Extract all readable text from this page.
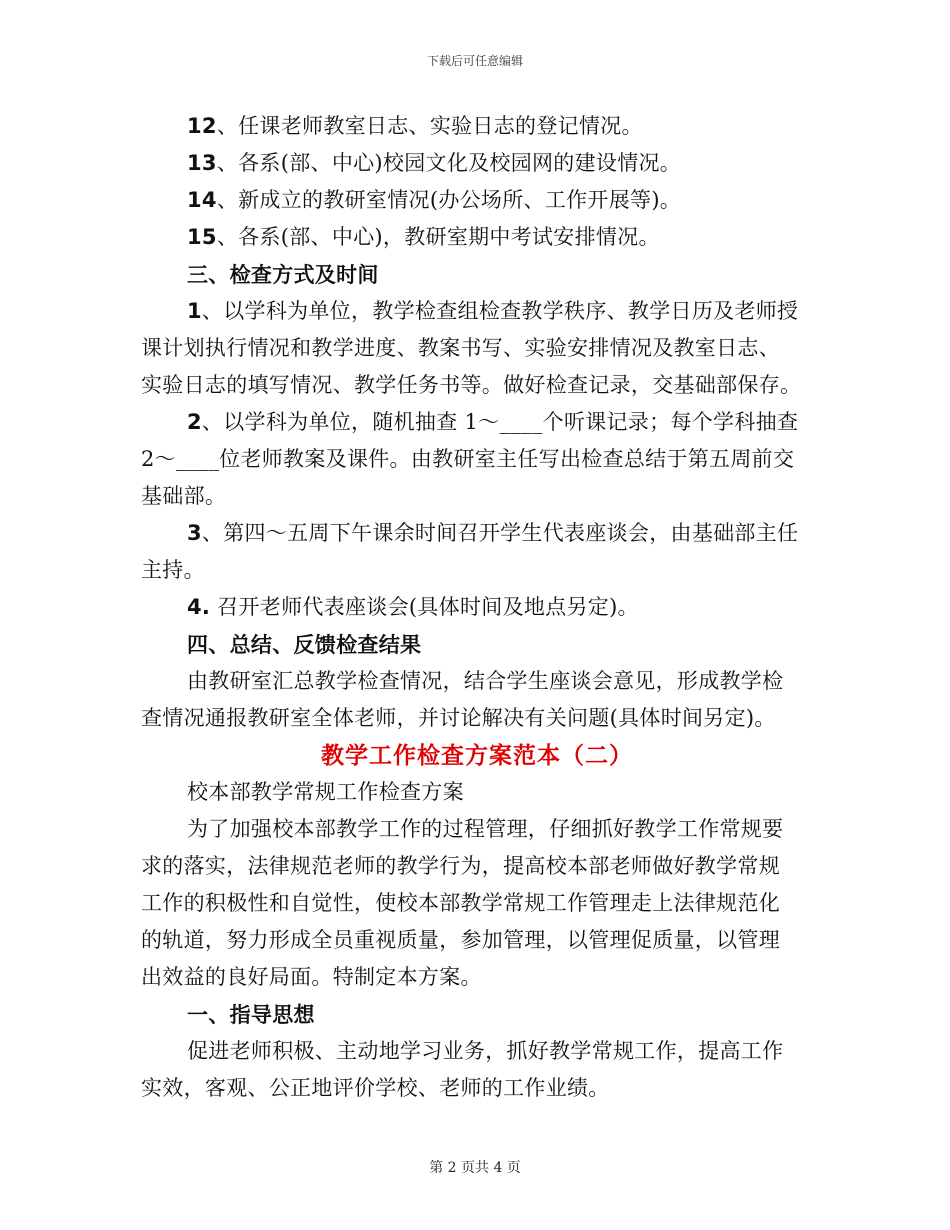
下载后可任意编辑
12、任课老师教室日志、实验日志的登记情况。
13、各系(部、中心)校园文化及校园网的建设情况。
14、新成立的教研室情况(办公场所、工作开展等)。
15、各系(部、中心)，教研室期中考试安排情况。
三、检查方式及时间
1、以学科为单位，教学检查组检查教学秩序、教学日历及老师授
课计划执行情况和教学进度、教案书写、实验安排情况及教室日志、
实验日志的填写情况、教学任务书等。做好检查记录，交基础部保存。
2、以学科为单位，随机抽查 1～____个听课记录；每个学科抽查
2～____位老师教案及课件。由教研室主任写出检查总结于第五周前交
基础部。
3、第四～五周下午课余时间召开学生代表座谈会，由基础部主任
主持。
4. 召开老师代表座谈会(具体时间及地点另定)。
四、总结、反馈检查结果
由教研室汇总教学检查情况，结合学生座谈会意见，形成教学检
查情况通报教研室全体老师，并讨论解决有关问题(具体时间另定)。
教学工作检查方案范本（二）
校本部教学常规工作检查方案
为了加强校本部教学工作的过程管理，仔细抓好教学工作常规要
求的落实，法律规范老师的教学行为，提高校本部老师做好教学常规
工作的积极性和自觉性，使校本部教学常规工作管理走上法律规范化
的轨道，努力形成全员重视质量，参加管理，以管理促质量，以管理
出效益的良好局面。特制定本方案。
一、指导思想
促进老师积极、主动地学习业务，抓好教学常规工作，提高工作
实效，客观、公正地评价学校、老师的工作业绩。
第 2 页共 4 页
